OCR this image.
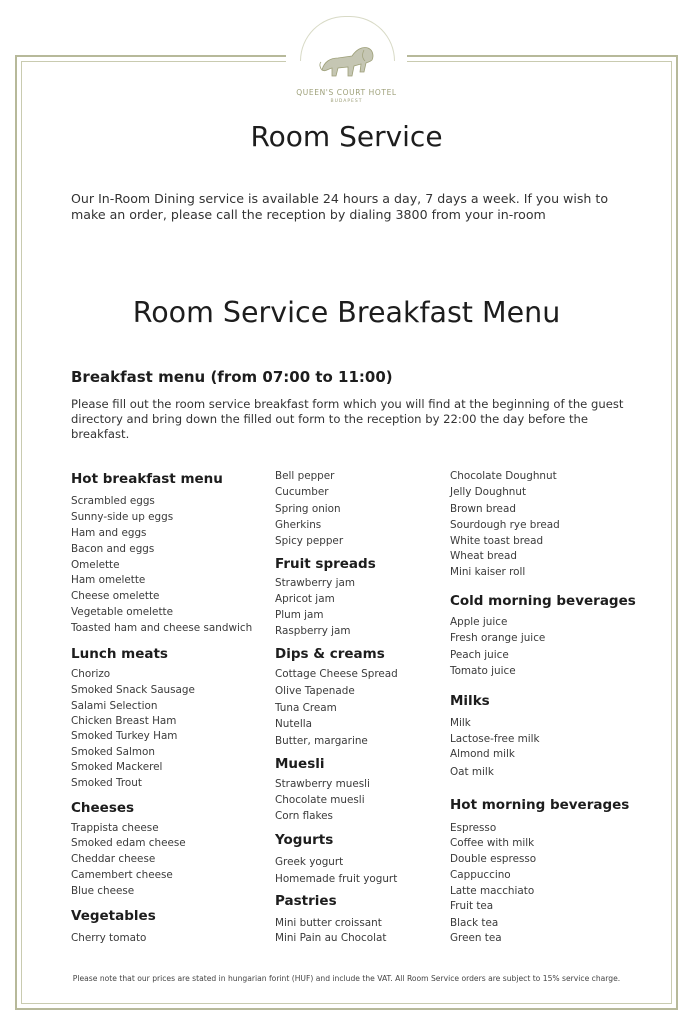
QUEEN'S COURT HOTEL
BUDAPEST
Room Service
Our In-Room Dining service is available 24 hours a day, 7 days a week. If you wish to make an order, please call the reception by dialing 3800 from your in-room
Room Service Breakfast Menu
Breakfast menu (from 07:00 to 11:00)
Please fill out the room service breakfast form which you will find at the beginning of the guest directory and bring down the filled out form to the reception by 22:00 the day before the breakfast.
Hot breakfast menu
Scrambled eggs
Sunny-side up eggs
Ham and eggs
Bacon and eggs
Omelette
Ham omelette
Cheese omelette
Vegetable omelette
Toasted ham and cheese sandwich
Lunch meats
Chorizo
Smoked Snack Sausage
Salami Selection
Chicken Breast Ham
Smoked Turkey Ham
Smoked Salmon
Smoked Mackerel
Smoked Trout
Cheeses
Trappista cheese
Smoked edam cheese
Cheddar cheese
Camembert cheese
Blue cheese
Vegetables
Cherry tomato
Bell pepper
Cucumber
Spring onion
Gherkins
Spicy pepper
Fruit spreads
Strawberry jam
Apricot jam
Plum jam
Raspberry jam
Dips & creams
Cottage Cheese Spread
Olive Tapenade
Tuna Cream
Nutella
Butter, margarine
Muesli
Strawberry muesli
Chocolate muesli
Corn flakes
Yogurts
Greek yogurt
Homemade fruit yogurt
Pastries
Mini butter croissant
Mini Pain au Chocolat
Chocolate Doughnut
Jelly Doughnut
Brown bread
Sourdough rye bread
White toast bread
Wheat bread
Mini kaiser roll
Cold morning beverages
Apple juice
Fresh orange juice
Peach juice
Tomato juice
Milks
Milk
Lactose-free milk
Almond milk
Oat milk
Hot morning beverages
Espresso
Coffee with milk
Double espresso
Cappuccino
Latte macchiato
Fruit tea
Black tea
Green tea
Please note that our prices are stated in hungarian forint (HUF) and include the VAT. All Room Service orders are subject to 15% service charge.
